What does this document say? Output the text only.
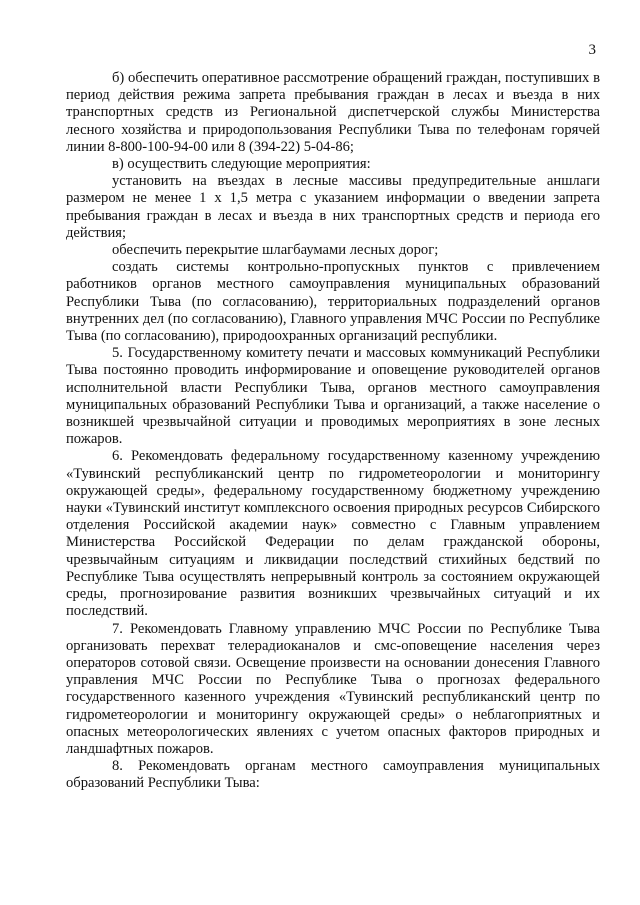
3

б) обеспечить оперативное рассмотрение обращений граждан, поступивших в период действия режима запрета пребывания граждан в лесах и въезда в них транспортных средств из Региональной диспетчерской службы Министерства лесного хозяйства и природопользования Республики Тыва по телефонам горячей линии 8-800-100-94-00 или 8 (394-22) 5-04-86;

в) осуществить следующие мероприятия:

установить на въездах в лесные массивы предупредительные аншлаги размером не менее 1 х 1,5 метра с указанием информации о введении запрета пребывания граждан в лесах и въезда в них транспортных средств и периода его действия;

обеспечить перекрытие шлагбаумами лесных дорог;

создать системы контрольно-пропускных пунктов с привлечением работников органов местного самоуправления муниципальных образований Республики Тыва (по согласованию), территориальных подразделений органов внутренних дел (по согласованию), Главного управления МЧС России по Республике Тыва (по согласованию), природоохранных организаций республики.

5. Государственному комитету печати и массовых коммуникаций Республики Тыва постоянно проводить информирование и оповещение руководителей органов исполнительной власти Республики Тыва, органов местного самоуправления муниципальных образований Республики Тыва и организаций, а также население о возникшей чрезвычайной ситуации и проводимых мероприятиях в зоне лесных пожаров.

6. Рекомендовать федеральному государственному казенному учреждению «Тувинский республиканский центр по гидрометеорологии и мониторингу окружающей среды», федеральному государственному бюджетному учреждению науки «Тувинский институт комплексного освоения природных ресурсов Сибирского отделения Российской академии наук» совместно с Главным управлением Министерства Российской Федерации по делам гражданской обороны, чрезвычайным ситуациям и ликвидации последствий стихийных бедствий по Республике Тыва осуществлять непрерывный контроль за состоянием окружающей среды, прогнозирование развития возникших чрезвычайных ситуаций и их последствий.

7. Рекомендовать Главному управлению МЧС России по Республике Тыва организовать перехват телерадиоканалов и смс-оповещение населения через операторов сотовой связи. Освещение произвести на основании донесения Главного управления МЧС России по Республике Тыва о прогнозах федерального государственного казенного учреждения «Тувинский республиканский центр по гидрометеорологии и мониторингу окружающей среды» о неблагоприятных и опасных метеорологических явлениях с учетом опасных факторов природных и ландшафтных пожаров.

8. Рекомендовать органам местного самоуправления муниципальных образований Республики Тыва:
